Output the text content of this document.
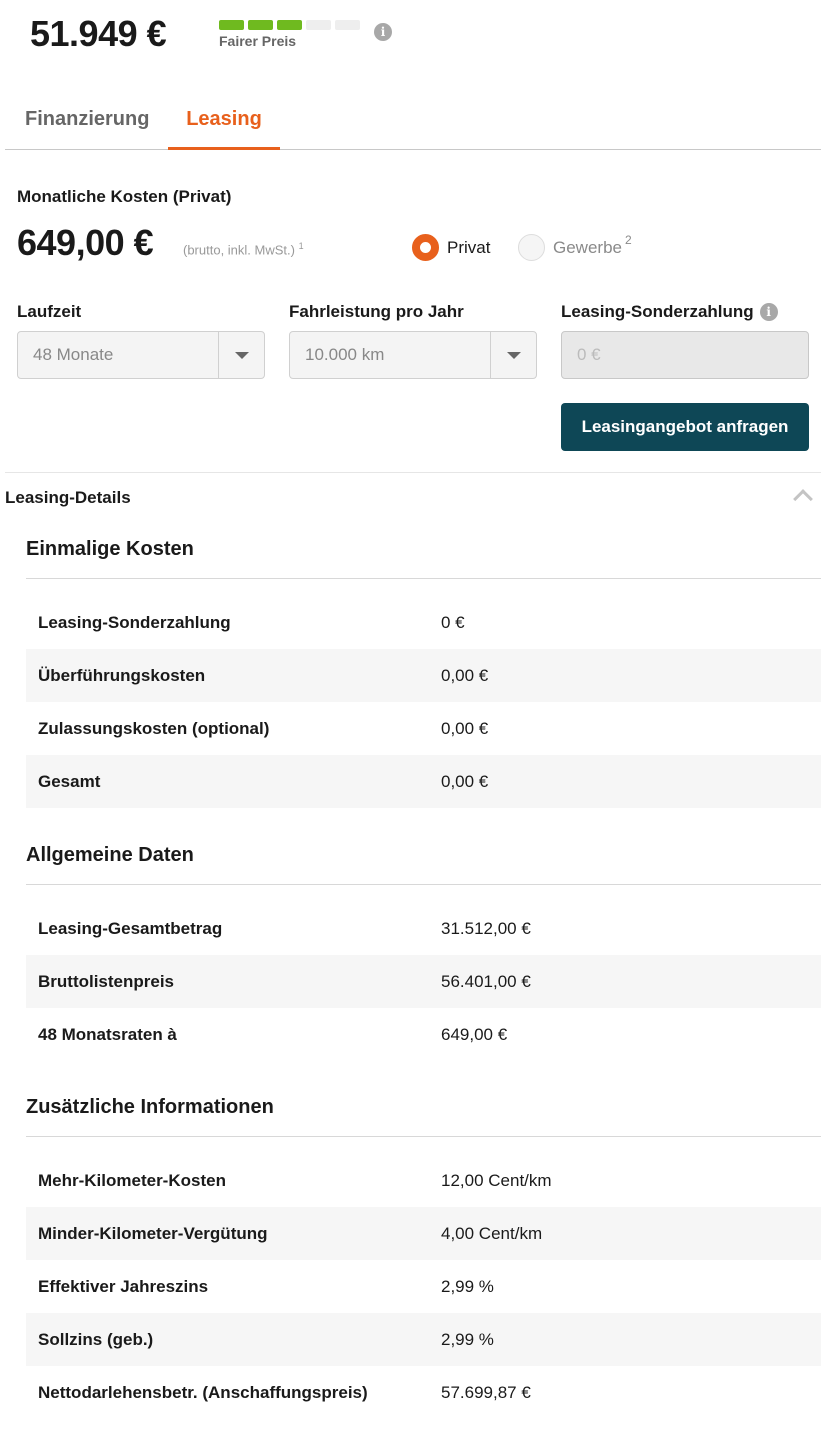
51.949 €	Fairer Preis
i
Finanzierung	Leasing
Monatliche Kosten (Privat)
649,00 € (brutto, inkl. MwSt.) $^1$	Privat	Gewerbe $^2$
Laufzeit
48 Monate
Fahrleistung pro Jahr
10.000 km
Leasing-Sonderzahlung	i
0 €
Leasingangebot anfragen
Leasing-Details
Einmalige Kosten
Leasing-Sonderzahlung	0 €
Überführungskosten	0,00 €
Zulassungskosten (optional)	0,00 €
Gesamt	0,00 €
Allgemeine Daten
Leasing-Gesamtbetrag	31.512,00 €
Bruttolistenpreis	56.401,00 €
48 Monatsraten à	649,00 €
Zusätzliche Informationen
Mehr-Kilometer-Kosten	12,00 Cent/km
Minder-Kilometer-Vergütung	4,00 Cent/km
Effektiver Jahreszins	2,99 %
Sollzins (geb.)	2,99 %
Nettodarlehensbetr. (Anschaffungspreis)	57.699,87 €
